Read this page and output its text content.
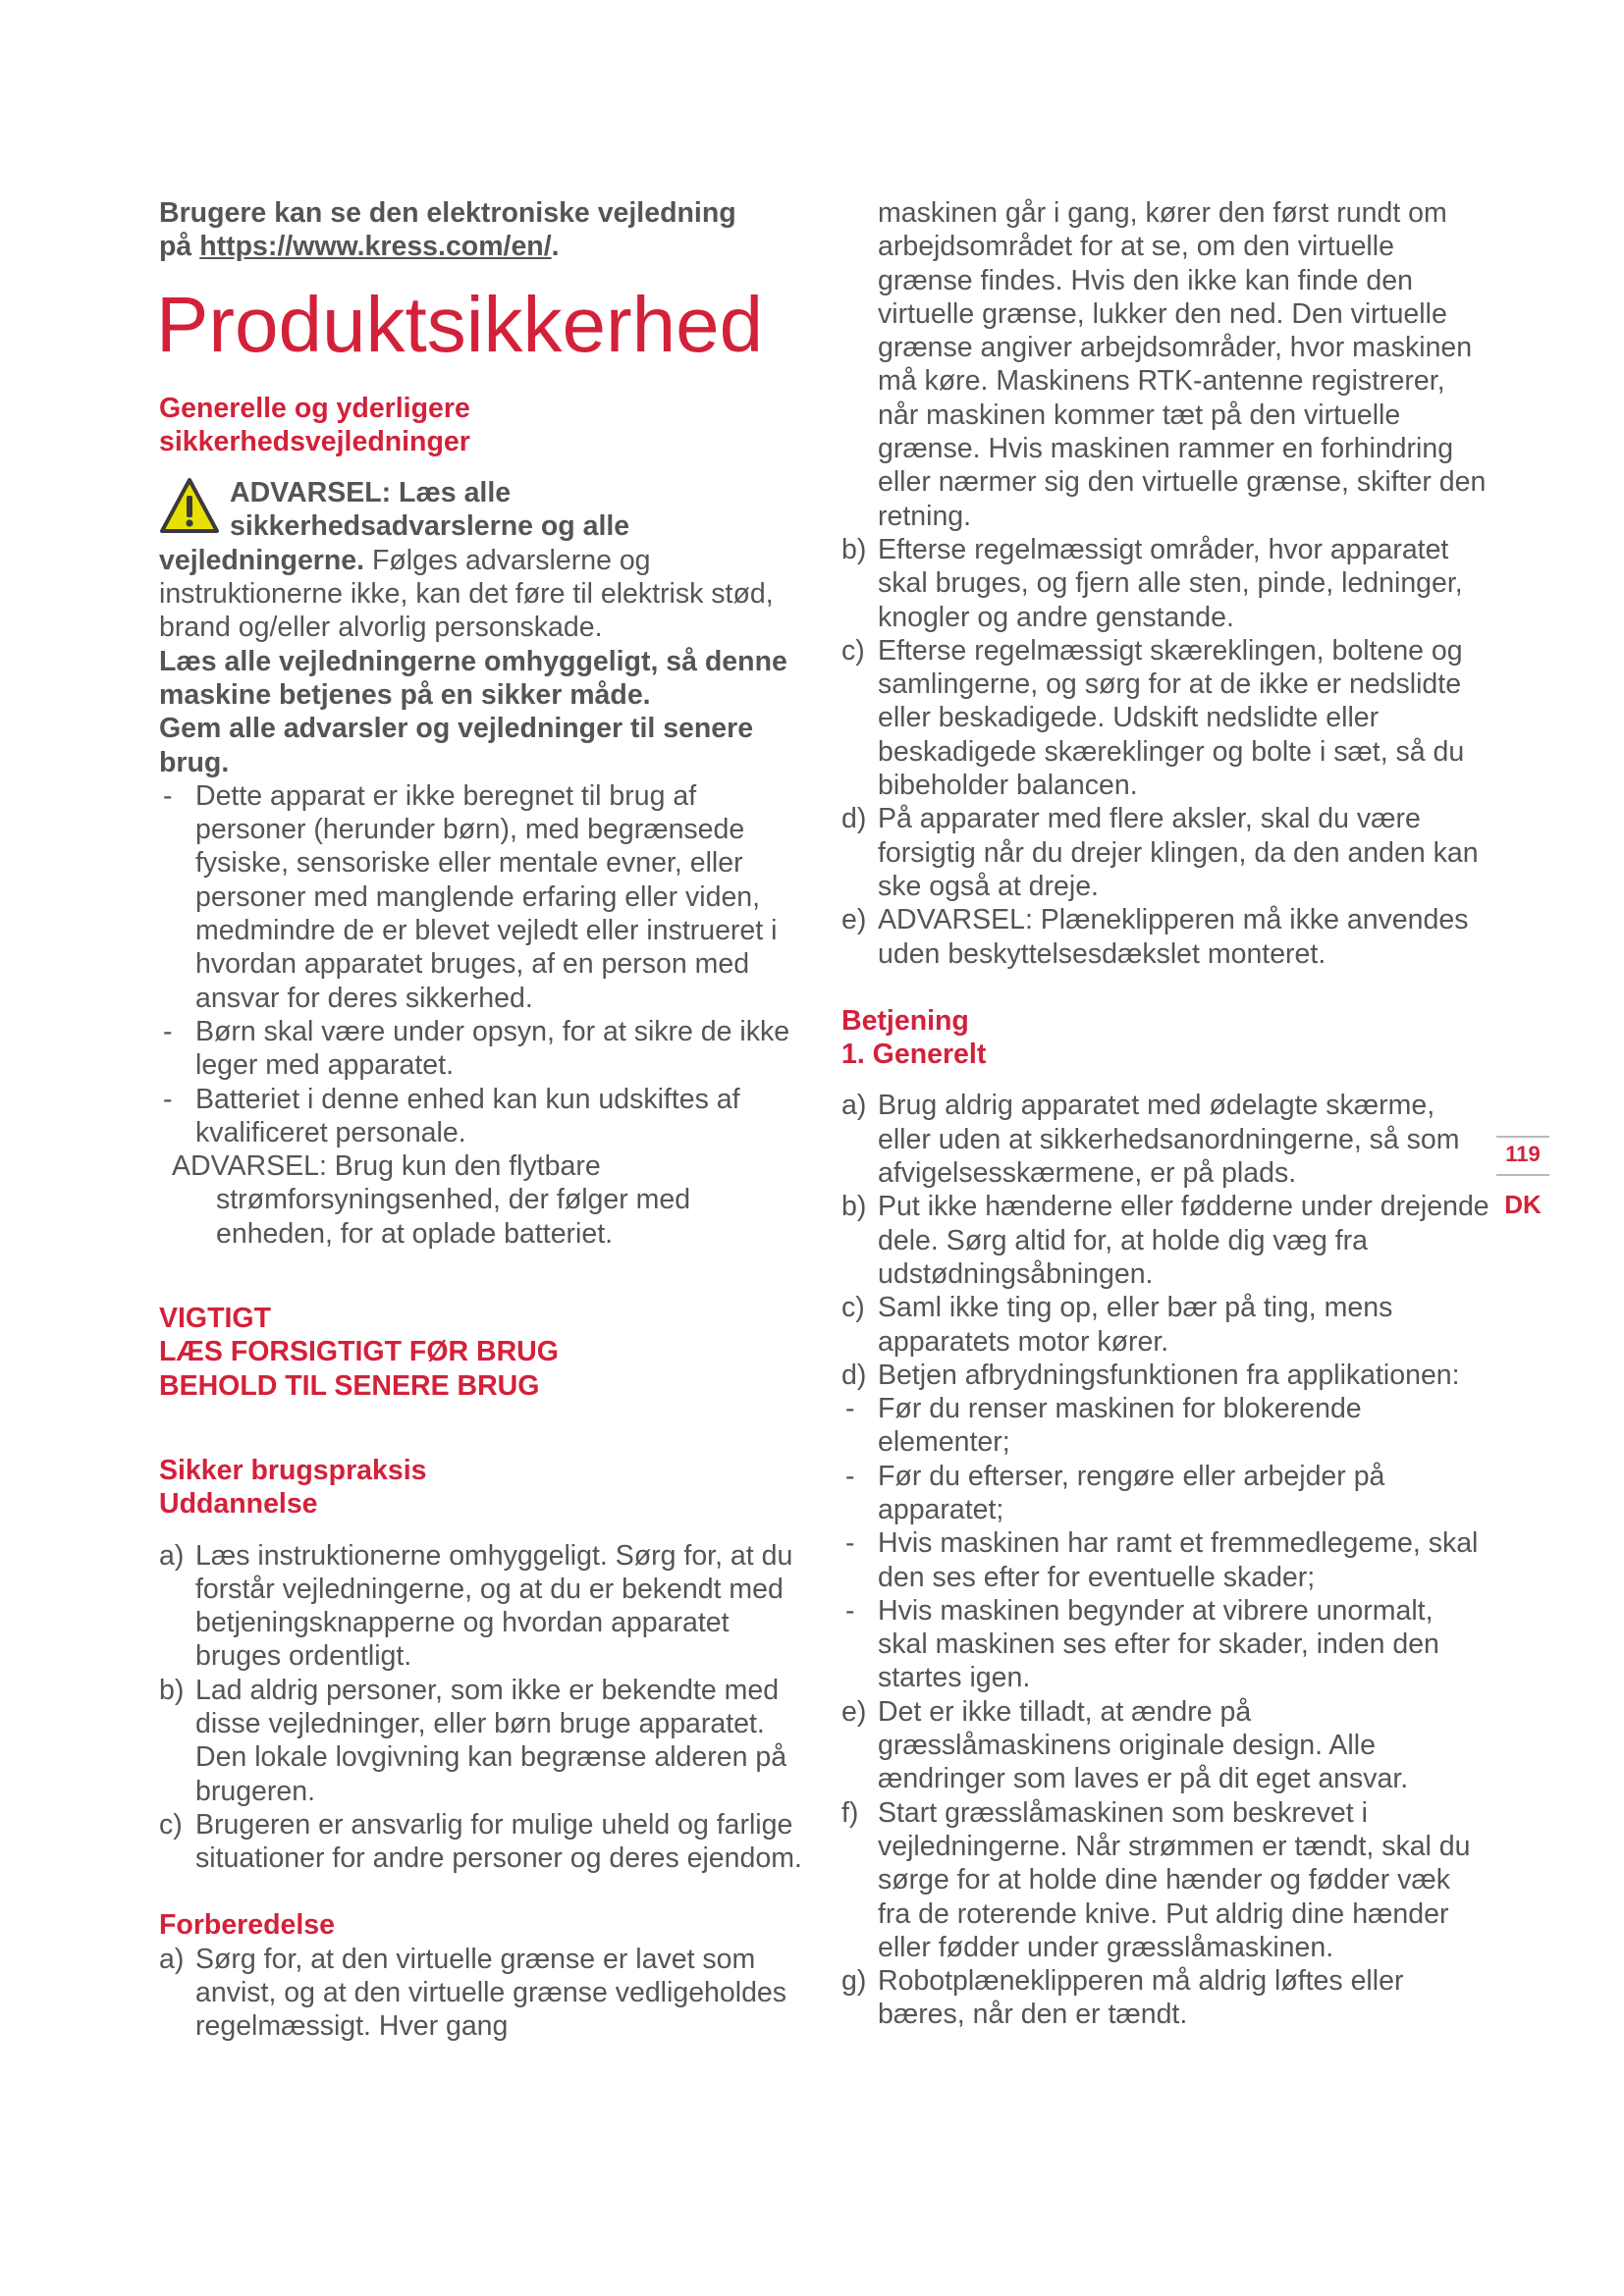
Brugere kan se den elektroniske vejledning

på https://www.kress.com/en/.

Produktsikkerhed

Generelle og yderligere

sikkerhedsvejledninger

ADVARSEL: Læs alle sikkerhedsadvarslerne og alle vejledningerne. Følges advarslerne og instruktionerne ikke, kan det føre til elektrisk stød, brand og/eller alvorlig personskade.

Læs alle vejledningerne omhyggeligt, så denne maskine betjenes på en sikker måde.

Gem alle advarsler og vejledninger til senere brug.

- Dette apparat er ikke beregnet til brug af personer (herunder børn), med begrænsede fysiske, sensoriske eller mentale evner, eller personer med manglende erfaring eller viden, medmindre de er blevet vejledt eller instrueret i hvordan apparatet bruges, af en person med ansvar for deres sikkerhed.
- Børn skal være under opsyn, for at sikre de ikke leger med apparatet.
- Batteriet i denne enhed kan kun udskiftes af kvalificeret personale.

ADVARSEL: Brug kun den flytbare strømforsyningsenhed, der følger med enheden, for at oplade batteriet.

VIGTIGT

LÆS FORSIGTIGT FØR BRUG

BEHOLD TIL SENERE BRUG

Sikker brugspraksis

Uddannelse

a) Læs instruktionerne omhyggeligt. Sørg for, at du forstår vejledningerne, og at du er bekendt med betjeningsknapperne og hvordan apparatet bruges ordentligt.
b) Lad aldrig personer, som ikke er bekendte med disse vejledninger, eller børn bruge apparatet. Den lokale lovgivning kan begrænse alderen på brugeren.
c) Brugeren er ansvarlig for mulige uheld og farlige situationer for andre personer og deres ejendom.

Forberedelse

a) Sørg for, at den virtuelle grænse er lavet som anvist, og at den virtuelle grænse vedligeholdes regelmæssigt. Hver gang

maskinen går i gang, kører den først rundt om arbejdsområdet for at se, om den virtuelle grænse findes. Hvis den ikke kan finde den virtuelle grænse, lukker den ned. Den virtuelle grænse angiver arbejdsområder, hvor maskinen må køre. Maskinens RTK-antenne registrerer, når maskinen kommer tæt på den virtuelle grænse. Hvis maskinen rammer en forhindring eller nærmer sig den virtuelle grænse, skifter den retning.

b) Efterse regelmæssigt områder, hvor apparatet skal bruges, og fjern alle sten, pinde, ledninger, knogler og andre genstande.
c) Efterse regelmæssigt skæreklingen, boltene og samlingerne, og sørg for at de ikke er nedslidte eller beskadigede. Udskift nedslidte eller beskadigede skæreklinger og bolte i sæt, så du bibeholder balancen.
d) På apparater med flere aksler, skal du være forsigtig når du drejer klingen, da den anden kan ske også at dreje.
e) ADVARSEL: Plæneklipperen må ikke anvendes uden beskyttelsesdækslet monteret.

Betjening

1. Generelt

a) Brug aldrig apparatet med ødelagte skærme, eller uden at sikkerhedsanordningerne, så som afvigelsesskærmene, er på plads.
b) Put ikke hænderne eller fødderne under drejende dele. Sørg altid for, at holde dig væg fra udstødningsåbningen.
c) Saml ikke ting op, eller bær på ting, mens apparatets motor kører.
d) Betjen afbrydningsfunktionen fra applikationen:
- Før du renser maskinen for blokerende elementer;
- Før du efterser, rengøre eller arbejder på apparatet;
- Hvis maskinen har ramt et fremmedlegeme, skal den ses efter for eventuelle skader;
- Hvis maskinen begynder at vibrere unormalt, skal maskinen ses efter for skader, inden den startes igen.
e) Det er ikke tilladt, at ændre på græsslåmaskinens originale design. Alle ændringer som laves er på dit eget ansvar.
f) Start græsslåmaskinen som beskrevet i vejledningerne. Når strømmen er tændt, skal du sørge for at holde dine hænder og fødder væk fra de roterende knive. Put aldrig dine hænder eller fødder under græsslåmaskinen.
g) Robotplæneklipperen må aldrig løftes eller bæres, når den er tændt.
119
DK
